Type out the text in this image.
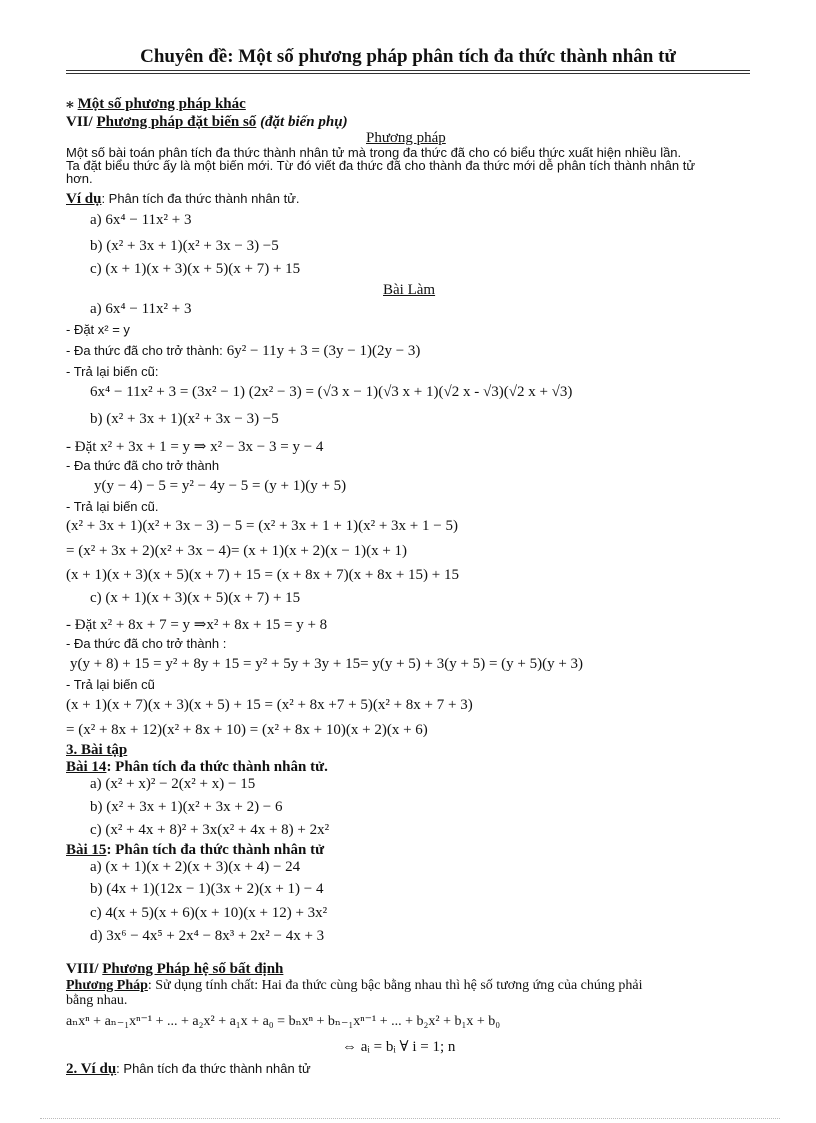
Chuyên đề: Một số phương pháp phân tích đa thức thành nhân tử
⁎ Một số phương pháp khác
VII/ Phương pháp đặt biến số (đặt biến phụ)
Phương pháp
Một số bài toán phân tích đa thức thành nhân tử mà trong đa thức đã cho có biểu thức xuất hiện nhiều lần.
Ta đặt biểu thức ấy là một biến mới. Từ đó viết đa thức đã cho thành đa thức mới dễ phân tích thành nhân tử
hơn.
Ví dụ: Phân tích đa thức thành nhân tử.
a) 6x⁴ − 11x² + 3
b) (x² + 3x + 1)(x² + 3x − 3) −5
c) (x + 1)(x + 3)(x + 5)(x + 7) + 15
Bài Làm
a) 6x⁴ − 11x² + 3
- Đặt x² = y
- Đa thức đã cho trở thành: 6y² − 11y + 3 = (3y − 1)(2y − 3)
- Trả lại biến cũ:
6x⁴ − 11x² + 3 = (3x² − 1) (2x² − 3) = (√3 x − 1)(√3 x + 1)(√2 x - √3)(√2 x + √3)
b) (x² + 3x + 1)(x² + 3x − 3) −5
- Đặt x² + 3x + 1 = y ⇒ x² − 3x − 3 = y − 4
- Đa thức đã cho trở thành
y(y − 4) − 5 = y² − 4y − 5 = (y + 1)(y + 5)
- Trả lại biến cũ.
(x² + 3x + 1)(x² + 3x − 3) − 5 = (x² + 3x + 1 + 1)(x² + 3x + 1 − 5)
= (x² + 3x + 2)(x² + 3x − 4)= (x + 1)(x + 2)(x − 1)(x + 1)
(x + 1)(x + 3)(x + 5)(x + 7) + 15 = (x + 8x + 7)(x + 8x + 15) + 15
c) (x + 1)(x + 3)(x + 5)(x + 7) + 15
- Đặt x² + 8x + 7 = y ⇒x² + 8x + 15 = y + 8
- Đa thức đã cho trở thành :
y(y + 8) + 15 = y² + 8y + 15 = y² + 5y + 3y + 15= y(y + 5) + 3(y + 5) = (y + 5)(y + 3)
- Trả lại biến cũ
(x + 1)(x + 7)(x + 3)(x + 5) + 15 = (x² + 8x +7 + 5)(x² + 8x + 7 + 3)
= (x² + 8x + 12)(x² + 8x + 10) = (x² + 8x + 10)(x + 2)(x + 6)
3. Bài tập
Bài 14: Phân tích đa thức thành nhân tử.
a) (x² + x)² − 2(x² + x) − 15
b) (x² + 3x + 1)(x² + 3x + 2) − 6
c) (x² + 4x + 8)² + 3x(x² + 4x + 8) + 2x²
Bài 15: Phân tích đa thức thành nhân tử
a) (x + 1)(x + 2)(x + 3)(x + 4) − 24
b) (4x + 1)(12x − 1)(3x + 2)(x + 1) − 4
c) 4(x + 5)(x + 6)(x + 10)(x + 12) + 3x²
d) 3x⁶ − 4x⁵ + 2x⁴ − 8x³ + 2x² − 4x + 3
VIII/ Phương Pháp hệ số bất định
Phương Pháp: Sử dụng tính chất: Hai đa thức cùng bậc bằng nhau thì hệ số tương ứng của chúng phải
bằng nhau.
aₙxⁿ + aₙ₋₁xⁿ⁻¹ + ... + a₂x² + a₁x + a₀ = bₙxⁿ + bₙ₋₁xⁿ⁻¹ + ... + b₂x² + b₁x + b₀
⇔ aᵢ = bᵢ ∀ i = 1; n
2. Ví dụ: Phân tích đa thức thành nhân tử
